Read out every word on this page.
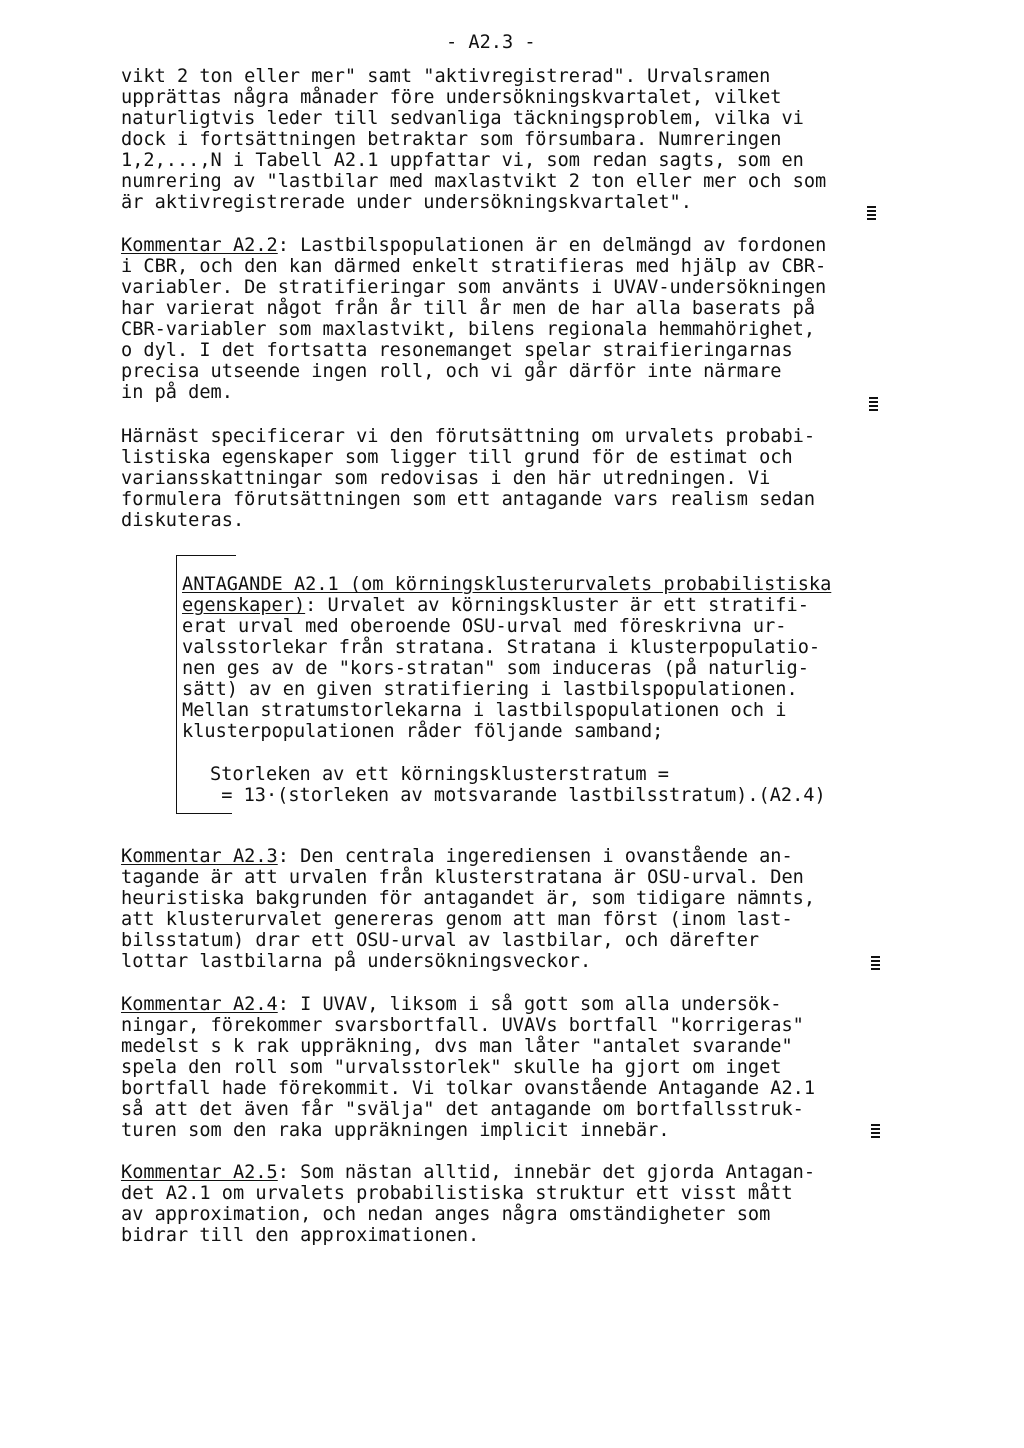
- A2.3 -
vikt 2 ton eller mer" samt "aktivregistrerad". Urvalsramen
upprättas några månader före undersökningskvartalet, vilket
naturligtvis leder till sedvanliga täckningsproblem, vilka vi
dock i fortsättningen betraktar som försumbara. Numreringen
1,2,...,N i Tabell A2.1 uppfattar vi, som redan sagts, som en
numrering av "lastbilar med maxlastvikt 2 ton eller mer och som
är aktivregistrerade under undersökningskvartalet".
Kommentar A2.2: Lastbilspopulationen är en delmängd av fordonen
i CBR, och den kan därmed enkelt stratifieras med hjälp av CBR-
variabler. De stratifieringar som använts i UVAV-undersökningen
har varierat något från år till år men de har alla baserats på
CBR-variabler som maxlastvikt, bilens regionala hemmahörighet,
o dyl. I det fortsatta resonemanget spelar straifieringarnas
precisa utseende ingen roll, och vi går därför inte närmare
in på dem.
Härnäst specificerar vi den förutsättning om urvalets probabi-
listiska egenskaper som ligger till grund för de estimat och
variansskattningar som redovisas i den här utredningen. Vi
formulera förutsättningen som ett antagande vars realism sedan
diskuteras.
ANTAGANDE A2.1 (om körningsklusterurvalets probabilistiska
egenskaper): Urvalet av körningskluster är ett stratifi-
erat urval med oberoende OSU-urval med föreskrivna ur-
valsstorlekar från stratana. Stratana i klusterpopulatio-
nen ges av de "kors-stratan" som induceras (på naturlig-
sätt) av en given stratifiering i lastbilspopulationen.
Mellan stratumstorlekarna i lastbilspopulationen och i
klusterpopulationen råder följande samband;
Storleken av ett körningsklusterstratum =
= 13·(storleken av motsvarande lastbilsstratum).(A2.4)
Kommentar A2.3: Den centrala ingerediensen i ovanstående an-
tagande är att urvalen från klusterstratana är OSU-urval. Den
heuristiska bakgrunden för antagandet är, som tidigare nämnts,
att klusterurvalet genereras genom att man först (inom last-
bilsstatum) drar ett OSU-urval av lastbilar, och därefter
lottar lastbilarna på undersökningsveckor.
Kommentar A2.4: I UVAV, liksom i så gott som alla undersök-
ningar, förekommer svarsbortfall. UVAVs bortfall "korrigeras"
medelst s k rak uppräkning, dvs man låter "antalet svarande"
spela den roll som "urvalsstorlek" skulle ha gjort om inget
bortfall hade förekommit. Vi tolkar ovanstående Antagande A2.1
så att det även får "svälja" det antagande om bortfallsstruk-
turen som den raka uppräkningen implicit innebär.
Kommentar A2.5: Som nästan alltid, innebär det gjorda Antagan-
det A2.1 om urvalets probabilistiska struktur ett visst mått
av approximation, och nedan anges några omständigheter som
bidrar till den approximationen.
